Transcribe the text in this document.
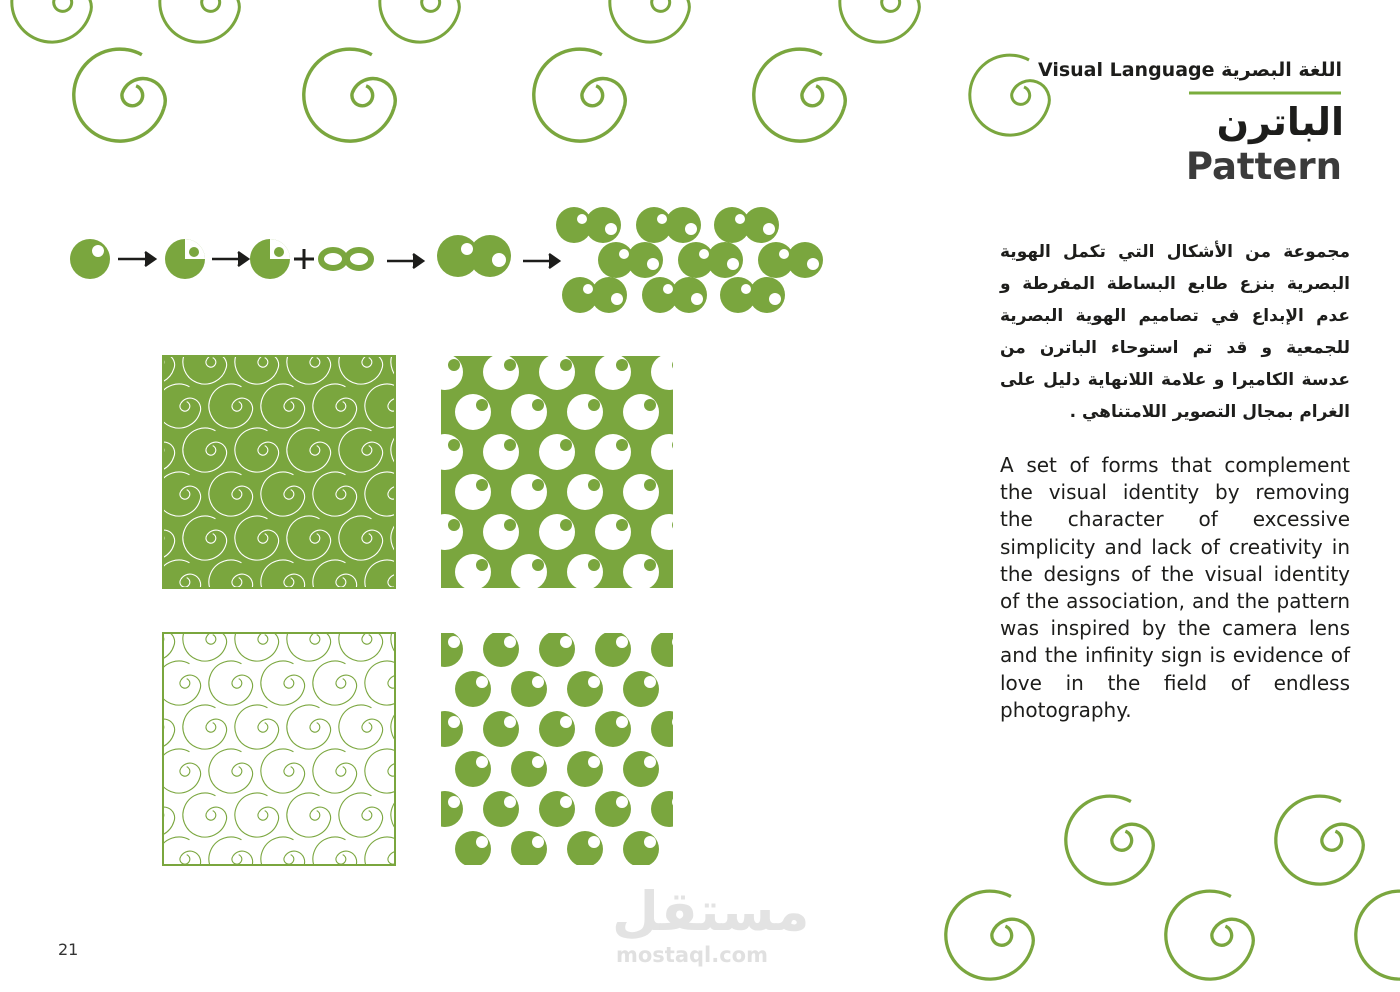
Visual Language اللغة البصرية
الباترن
Pattern
مجموعة من الأشكال التي تكمل الهوية البصرية بنزع طابع البساطة المفرطة و عدم الإبداع في تصاميم الهوية البصرية للجمعية و قد تم استوحاء الباترن من عدسة الكاميرا و علامة اللانهاية دليل على الغرام بمجال التصوير اللامتناهي .
A set of forms that complement the visual identity by removing the character of excessive simplicity and lack of creativity in the designs of the visual identity of the association, and the pattern was inspired by the camera lens and the infinity sign is evidence of love in the field of endless photography.
21
مستقل
mostaql.com
